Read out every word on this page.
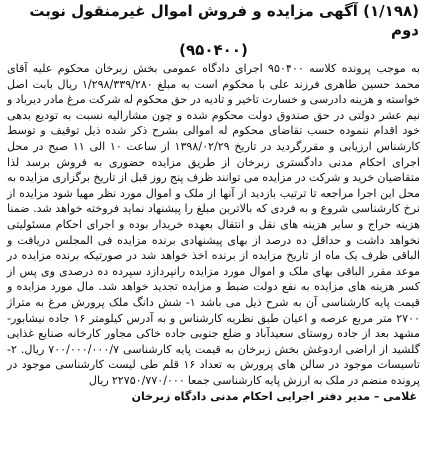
(۱/۱۹۸) آگهی مزایده و فروش اموال غیرمنقول نوبت دوم
(۹۵۰۴۰۰)

به موجب پرونده کلاسه ۹۵۰۴۰۰ اجرای دادگاه عمومی بخش زبرخان محکوم علیه آقای محمد حسین طاهری فرزند علی با محکوم است به مبلغ ۱/۲۹۸/۳۳۹/۲۸۰ ریال بابت اصل خواسته و هزینه دادرسی و خسارت تاخیر و تادیه در حق محکوم له شرکت مرغ مادر دیرباد و نیم عشر دولتی در حق صندوق دولت محکوم شده و چون مشارالیه نسبت به تودیع بدهی خود اقدام ننموده حسب تقاضای محکوم له اموالی بشرح ذکر شده ذیل توقیف و توسط کارشناس ارزیابی و مقررگردید در تاریخ ۱۳۹۸/۰۲/۲۹ از ساعت ۱۰ الی ۱۱ صبح در محل اجرای احکام مدنی دادگستری زبرخان از طریق مزایده حضوری به فروش برسد لذا متقاضیان خرید و شرکت در مزایده می توانند ظرف پنج روز قبل از تاریخ برگزاری مزایده به محل این اجرا مراجعه تا ترتیب بازدید از آنها از ملک و اموال مورد نظر مهیا شود مزایده از نرخ کارشناسی شروع و به فردی که بالاترین مبلغ را پیشنهاد نماید فروخته خواهد شد. ضمنا هزینه حراج و سایر هزینه های نقل و انتقال بعهده خریدار بوده و اجرای احکام مسئولیتی نخواهد داشت و حداقل ده درصد از بهای پیشنهادی برنده مزایده فی المجلس دریافت و الباقی ظرف یک ماه از تاریخ مزایده از برنده اخذ خواهد شد در صورتیکه برنده مزایده در موعد مقرر الباقی بهای ملک و اموال مورد مزایده رانپردازد سپرده ده درصدی وی پس از کسر هزینه های مزایده به نفع دولت ضبط و مزایده تجدید خواهد شد. مال مورد مزایده و قیمت پایه کارشناسی آن به شرح ذیل می باشد ۱- شش دانگ ملک پرورش مرغ به متراژ ۲۷۰۰ متر مربع عرصه و اعیان طبق نظریه کارشناس و به آدرس کیلومتر ۱۶ جاده نیشابور- مشهد بعد از جاده روستای سعیدآباد و ضلع جنوبی جاده خاکی مجاور کارخانه صنایع غذایی گلشید از اراضی اردوغش بخش زبرخان به قیمت پایه کارشناسی ۷۰۰/۰۰۰/۰۰۰/۷ ریال. ۲- تاسیسات موجود در سالن های پرورش به تعداد ۱۶ قلم طی لیست کارشناسی موجود در پرونده منضم در ملک به ارزش پایه کارشناسی جمعا ۲۲۷۵۰/۷۷۰/۰۰۰ ریال

غلامی – مدیر دفتر اجرایی احکام مدنی دادگاه زبرخان
